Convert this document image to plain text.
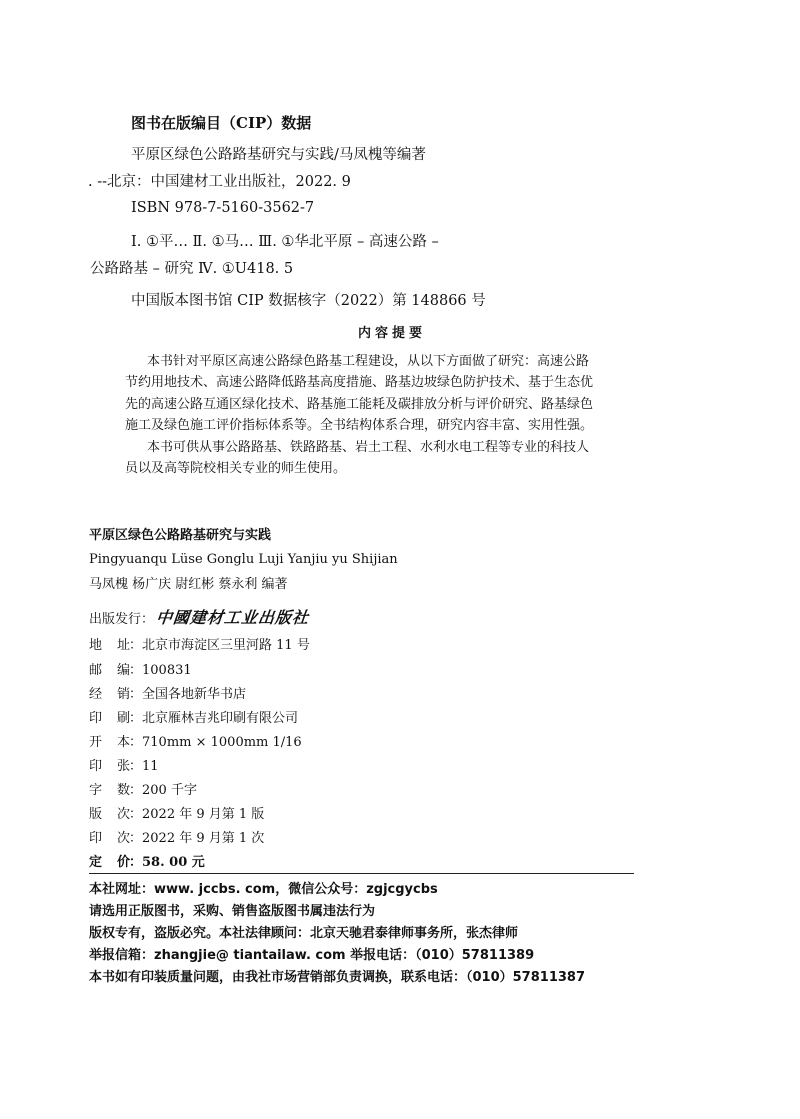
图书在版编目（CIP）数据
平原区绿色公路路基研究与实践/马凤槐等编著
. --北京：中国建材工业出版社，2022. 9
ISBN 978-7-5160-3562-7
Ⅰ. ①平… Ⅱ. ①马… Ⅲ. ①华北平原 – 高速公路 –
公路路基 – 研究 Ⅳ. ①U418. 5
中国版本图书馆 CIP 数据核字（2022）第 148866 号
内容提要
本书针对平原区高速公路绿色路基工程建设，从以下方面做了研究：高速公路
节约用地技术、高速公路降低路基高度措施、路基边坡绿色防护技术、基于生态优
先的高速公路互通区绿化技术、路基施工能耗及碳排放分析与评价研究、路基绿色
施工及绿色施工评价指标体系等。全书结构体系合理，研究内容丰富、实用性强。
本书可供从事公路路基、铁路路基、岩土工程、水利水电工程等专业的科技人
员以及高等院校相关专业的师生使用。
平原区绿色公路路基研究与实践
Pingyuanqu Lüse Gonglu Luji Yanjiu yu Shijian
马凤槐 杨广庆 尉红彬 蔡永利 编著
出版发行：中國建材工业出版社
地 址：北京市海淀区三里河路 11 号
邮 编：100831
经 销：全国各地新华书店
印 刷：北京雁林吉兆印刷有限公司
开 本：710mm × 1000mm 1/16
印 张：11
字 数：200 千字
版 次：2022 年 9 月第 1 版
印 次：2022 年 9 月第 1 次
定 价：58. 00 元
本社网址：www. jccbs. com，微信公众号：zgjcgycbs
请选用正版图书，采购、销售盗版图书属违法行为
版权专有，盗版必究。本社法律顾问：北京天驰君泰律师事务所，张杰律师
举报信箱：zhangjie@ tiantailaw. com 举报电话：（010）57811389
本书如有印装质量问题，由我社市场营销部负责调换，联系电话：（010）57811387
